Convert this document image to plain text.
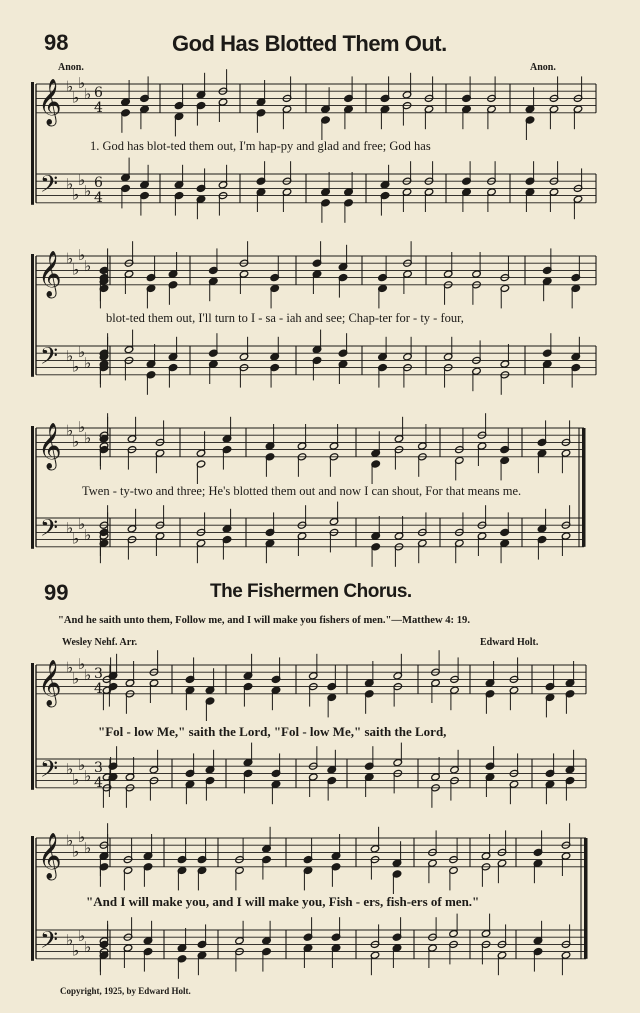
𝄞
𝄢
♭
♭
♭
♭
♭
♭
♭
♭
6
4
6
4
𝄞
𝄢
♭
♭
♭
♭
♭
♭
♭
♭
𝄞
𝄢
♭
♭
♭
♭
♭
♭
♭
♭
𝄞
𝄢
♭
♭
♭
♭
♭
♭
♭
♭
3
4
3
4
𝄞
𝄢
♭
♭
♭
♭
♭
♭
♭
♭
98	God Has Blotted Them Out.
Anon.	Anon.
1. God has blot-ted them out, I'm hap-py and glad and free; God has
blot-ted them out, I'll turn to I - sa - iah and see; Chap-ter for - ty - four,
Twen - ty-two and three; He's blotted them out and now I can shout, For that means me.
99	The Fishermen Chorus.
"And he saith unto them, Follow me, and I will make you fishers of men."—Matthew 4: 19.
Wesley Nehf. Arr.	Edward Holt.
"Fol - low Me," saith the Lord, "Fol - low Me," saith the Lord,
"And I will make you, and I will make you, Fish - ers, fish-ers of men."
Copyright, 1925, by Edward Holt.
